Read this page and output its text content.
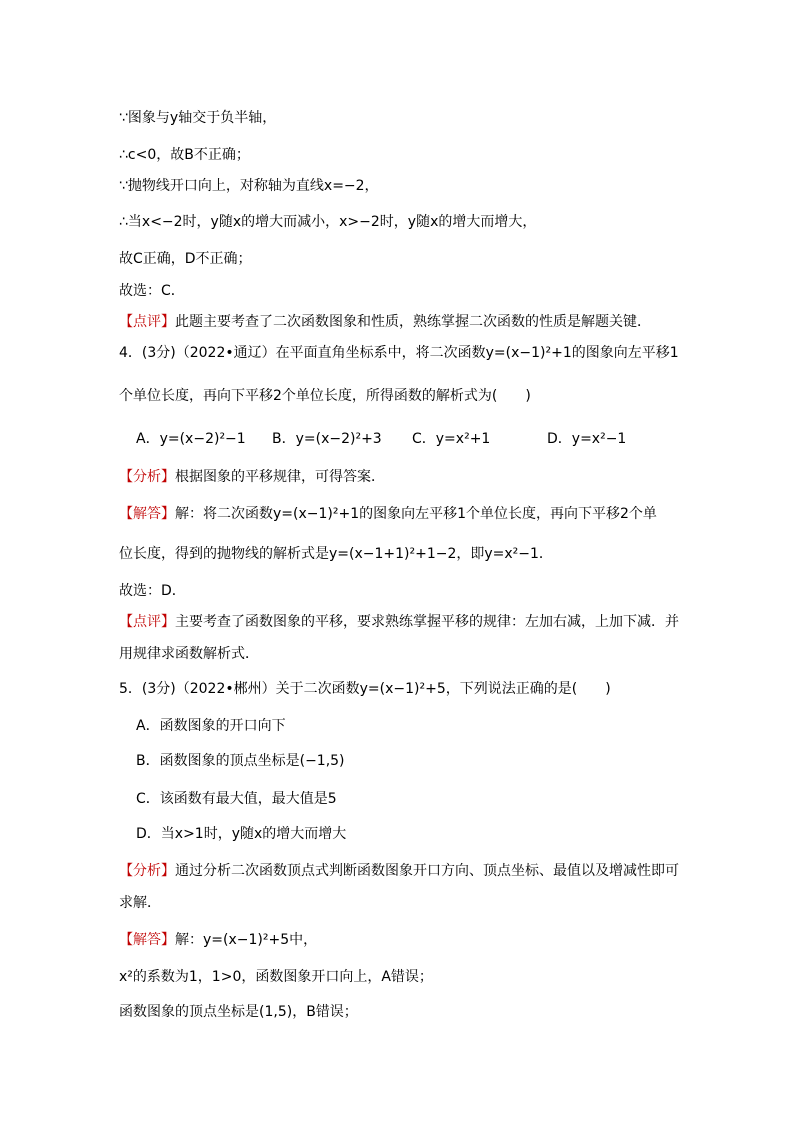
∵图象与y轴交于负半轴，
∴c<0，故B不正确；
∵抛物线开口向上，对称轴为直线x=−2，
∴当x<−2时，y随x的增大而减小，x>−2时，y随x的增大而增大，
故C正确，D不正确；
故选：C．
【点评】此题主要考查了二次函数图象和性质，熟练掌握二次函数的性质是解题关键．
4．(3分)（2022•通辽）在平面直角坐标系中，将二次函数y=(x−1)²+1的图象向左平移1
个单位长度，再向下平移2个单位长度，所得函数的解析式为(　　)
A．y=(x−2)²−1 B．y=(x−2)²+3 C．y=x²+1	D．y=x²−1
【分析】根据图象的平移规律，可得答案．
【解答】解：将二次函数y=(x−1)²+1的图象向左平移1个单位长度，再向下平移2个单
位长度，得到的抛物线的解析式是y=(x−1+1)²+1−2，即y=x²−1．
故选：D．
【点评】主要考查了函数图象的平移，要求熟练掌握平移的规律：左加右减，上加下减．并
用规律求函数解析式．
5．(3分)（2022•郴州）关于二次函数y=(x−1)²+5，下列说法正确的是(　　)
A．函数图象的开口向下
B．函数图象的顶点坐标是(−1,5)
C．该函数有最大值，最大值是5
D．当x>1时，y随x的增大而增大
【分析】通过分析二次函数顶点式判断函数图象开口方向、顶点坐标、最值以及增减性即可
求解．
【解答】解：y=(x−1)²+5中，
x²的系数为1，1>0，函数图象开口向上，A错误；
函数图象的顶点坐标是(1,5)，B错误；
